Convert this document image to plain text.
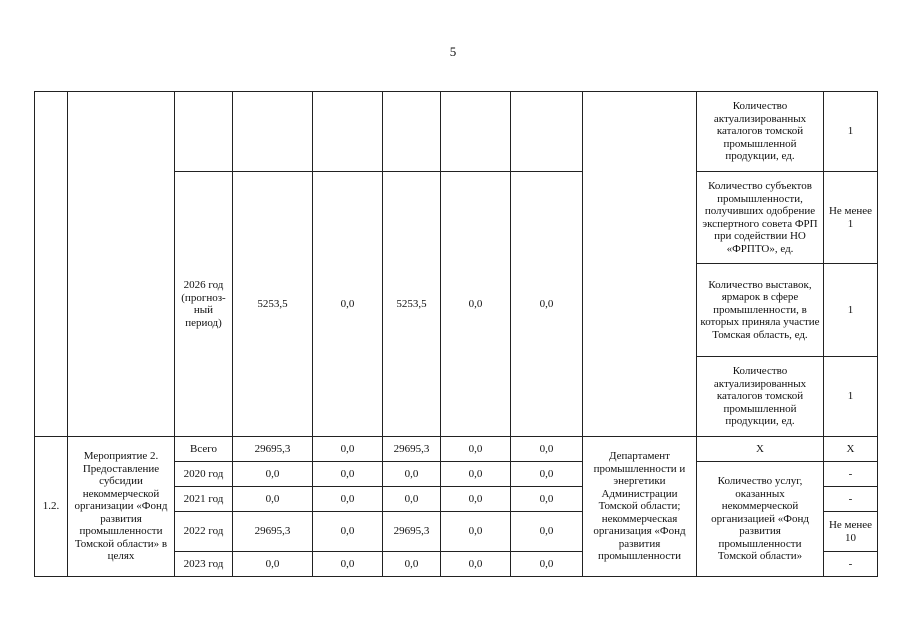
5
									Количество актуализированных каталогов томской промышленной продукции, ед.	1
		2026 год (прогноз-ный период)	5253,5	0,0	5253,5	0,0	0,0		Количество субъектов промышленности, получивших одобрение экспертного совета ФРП при содействии НО «ФРПТО», ед.	Не менее 1
									Количество выставок, ярмарок в сфере промышленности, в которых приняла участие Томская область, ед.	1
									Количество актуализированных каталогов томской промышленной продукции, ед.	1
1.2.	Мероприятие 2. Предоставление субсидии некоммерческой организации «Фонд развития промышленности Томской области» в целях	Всего	29695,3	0,0	29695,3	0,0	0,0	Департамент промышленности и энергетики Администрации Томской области; некоммерческая организация «Фонд развития промышленности	Х	Х
		2020 год	0,0	0,0	0,0	0,0	0,0		Количество услуг, оказанных некоммерческой организацией «Фонд развития промышленности Томской области»	-
		2021 год	0,0	0,0	0,0	0,0	0,0			-
		2022 год	29695,3	0,0	29695,3	0,0	0,0			Не менее 10
		2023 год	0,0	0,0	0,0	0,0	0,0			-
